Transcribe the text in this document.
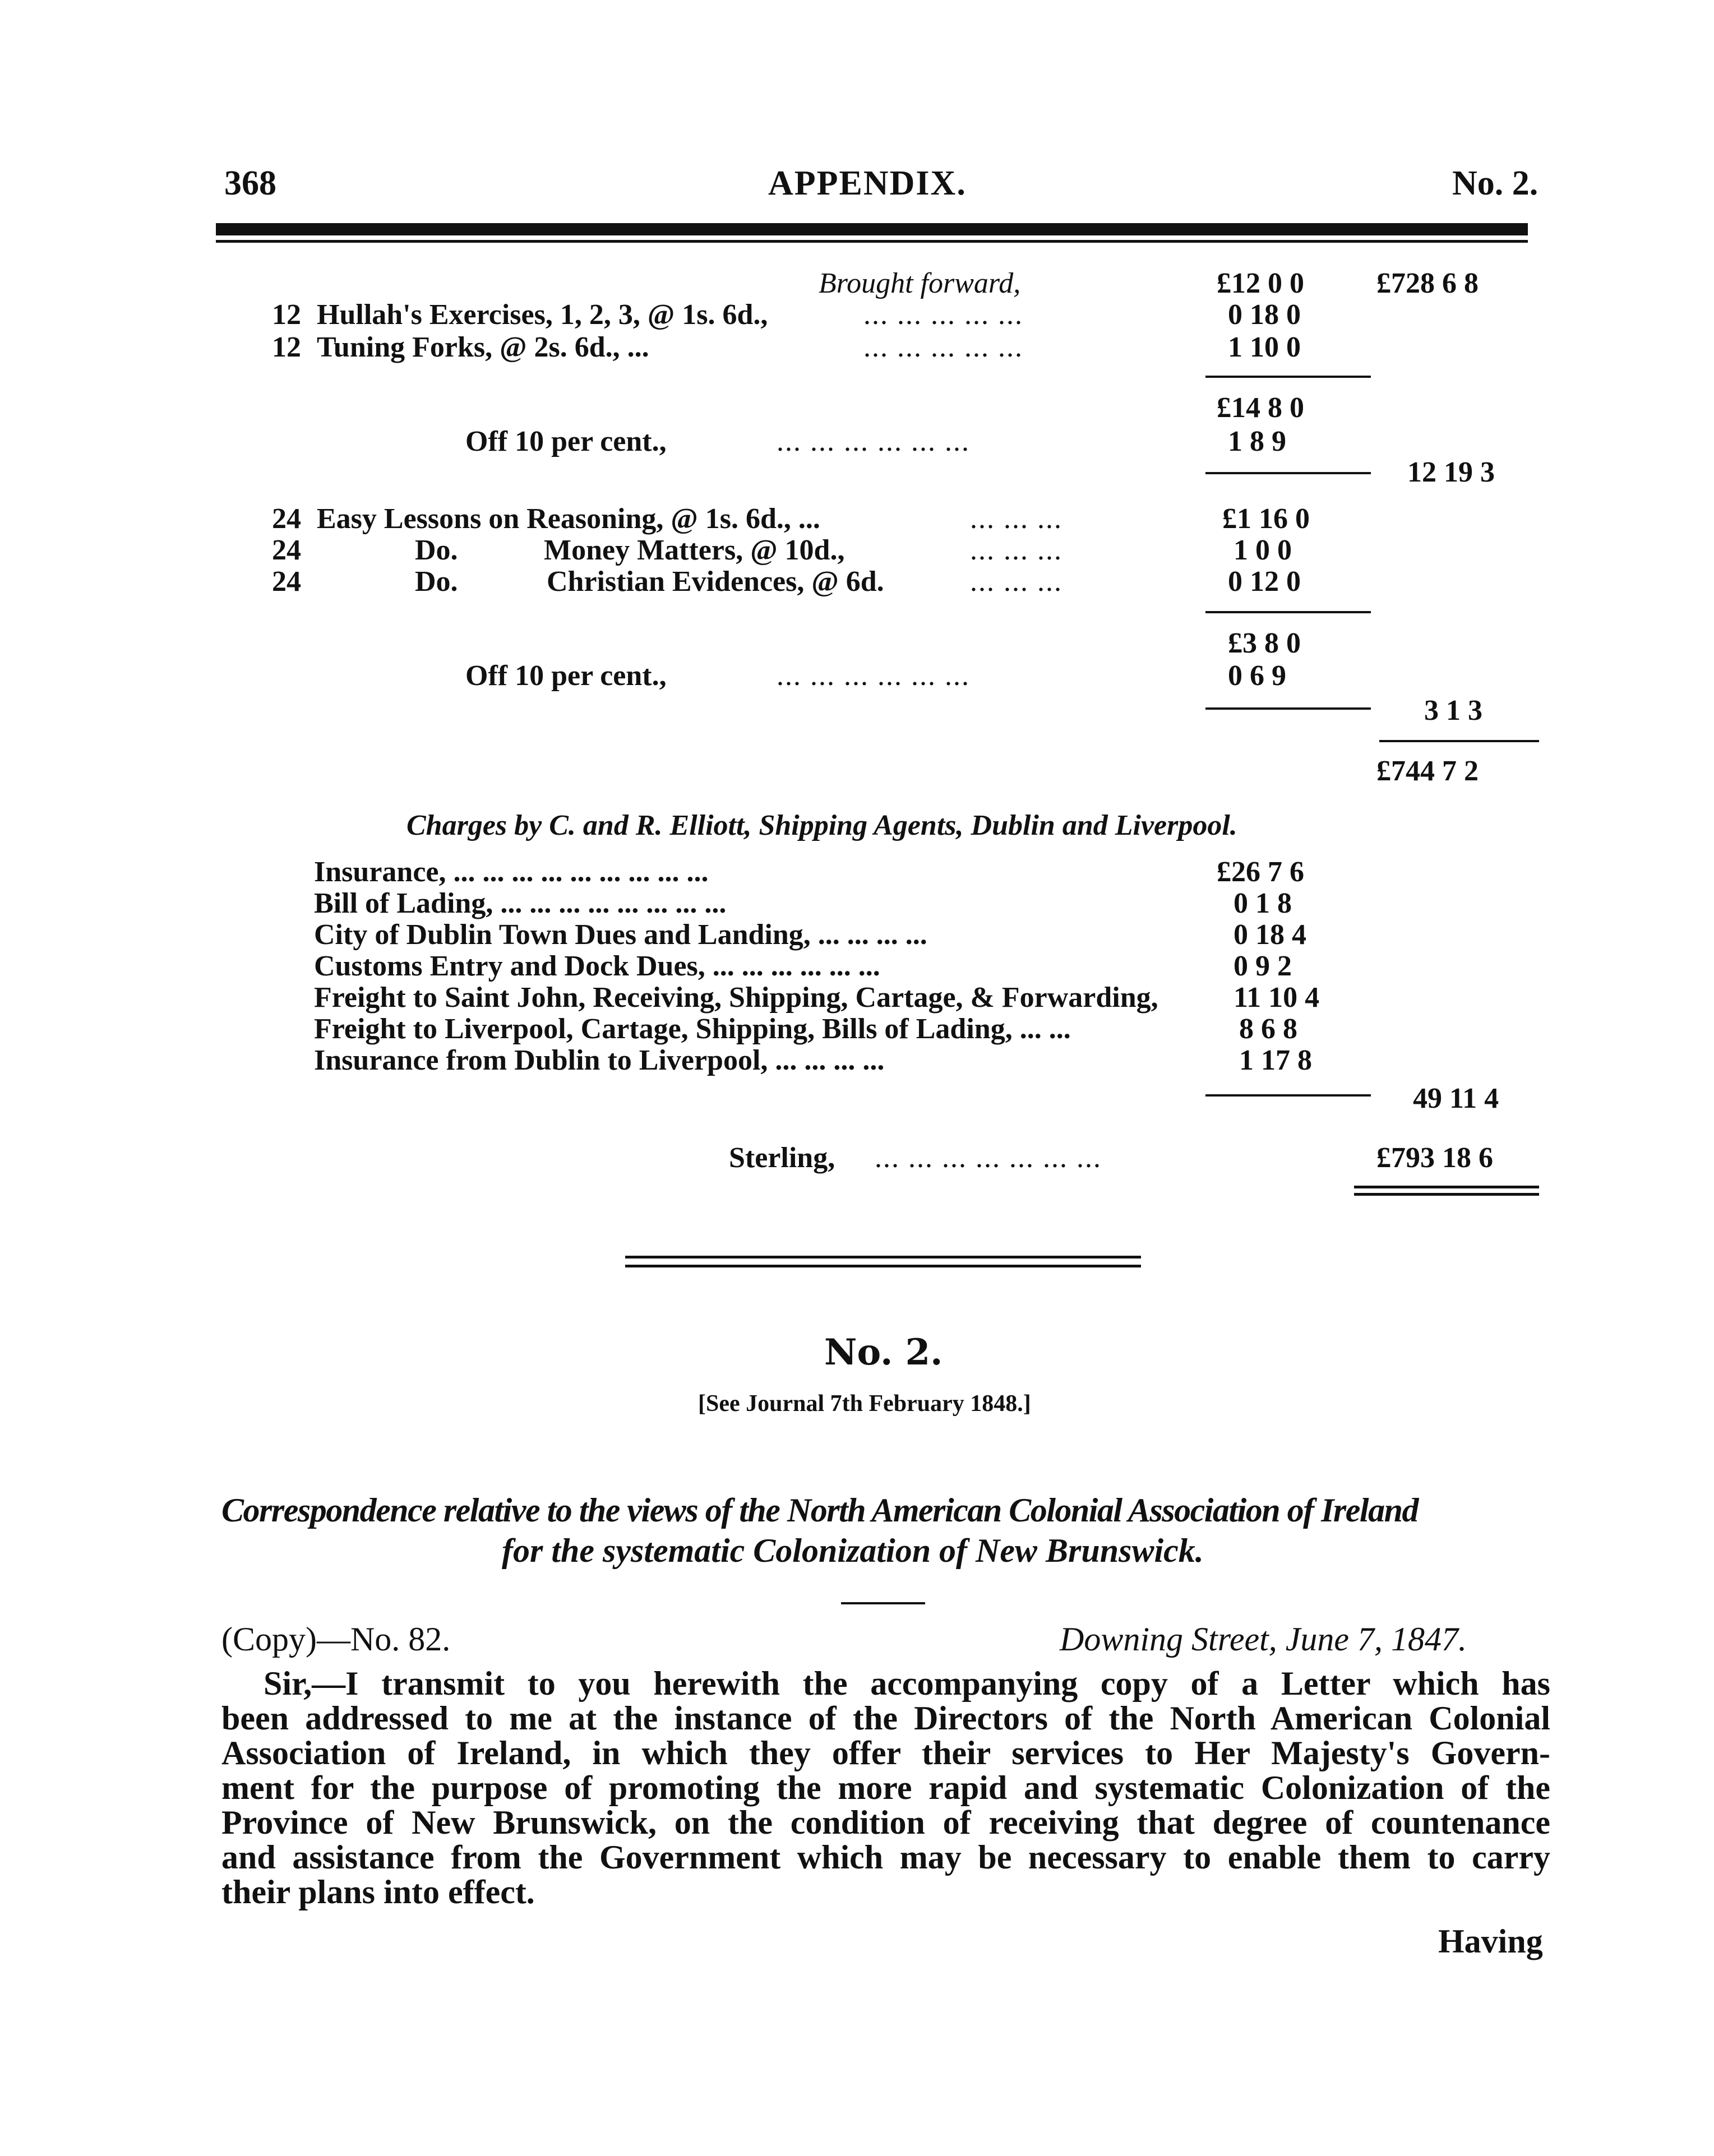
368	APPENDIX.	No. 2.
Brought forward,	£12 0 0 £728 6 8
12 Hullah's Exercises, 1, 2, 3, @ 1s. 6d.,	... ... ... ... ...	0 18 0
12 Tuning Forks, @ 2s. 6d., ...	... ... ... ... ...	1 10 0
£14 8 0
Off 10 per cent.,	... ... ... ... ... ...	1 8 9
12 19 3
24 Easy Lessons on Reasoning, @ 1s. 6d., ...	... ... ...	£1 16 0
24	Do.	Money Matters, @ 10d.,	... ... ...	1 0 0
24	Do.	Christian Evidences, @ 6d.	... ... ...	0 12 0
£3 8 0
Off 10 per cent.,	... ... ... ... ... ...	0 6 9
3 1 3
£744 7 2
Charges by C. and R. Elliott, Shipping Agents, Dublin and Liverpool.
Insurance, ... ... ... ... ... ... ... ... ...	£26 7 6
Bill of Lading, ... ... ... ... ... ... ... ...	0 1 8
City of Dublin Town Dues and Landing, ... ... ... ...	0 18 4
Customs Entry and Dock Dues, ... ... ... ... ... ...	0 9 2
Freight to Saint John, Receiving, Shipping, Cartage, & Forwarding,	11 10 4
Freight to Liverpool, Cartage, Shipping, Bills of Lading, ... ...	8 6 8
Insurance from Dublin to Liverpool, ... ... ... ...	1 17 8
49 11 4
Sterling, ... ... ... ... ... ... ...	£793 18 6
No. 2.
[See Journal 7th February 1848.]
Correspondence relative to the views of the North American Colonial Association of Ireland
for the systematic Colonization of New Brunswick.
(Copy)—No. 82.	Downing Street, June 7, 1847.
Sir,—I transmit to you herewith the accompanying copy of a Letter which has
been addressed to me at the instance of the Directors of the North American Colonial
Association of Ireland, in which they offer their services to Her Majesty's Govern-
ment for the purpose of promoting the more rapid and systematic Colonization of the
Province of New Brunswick, on the condition of receiving that degree of countenance
and assistance from the Government which may be necessary to enable them to carry
their plans into effect.
Having
